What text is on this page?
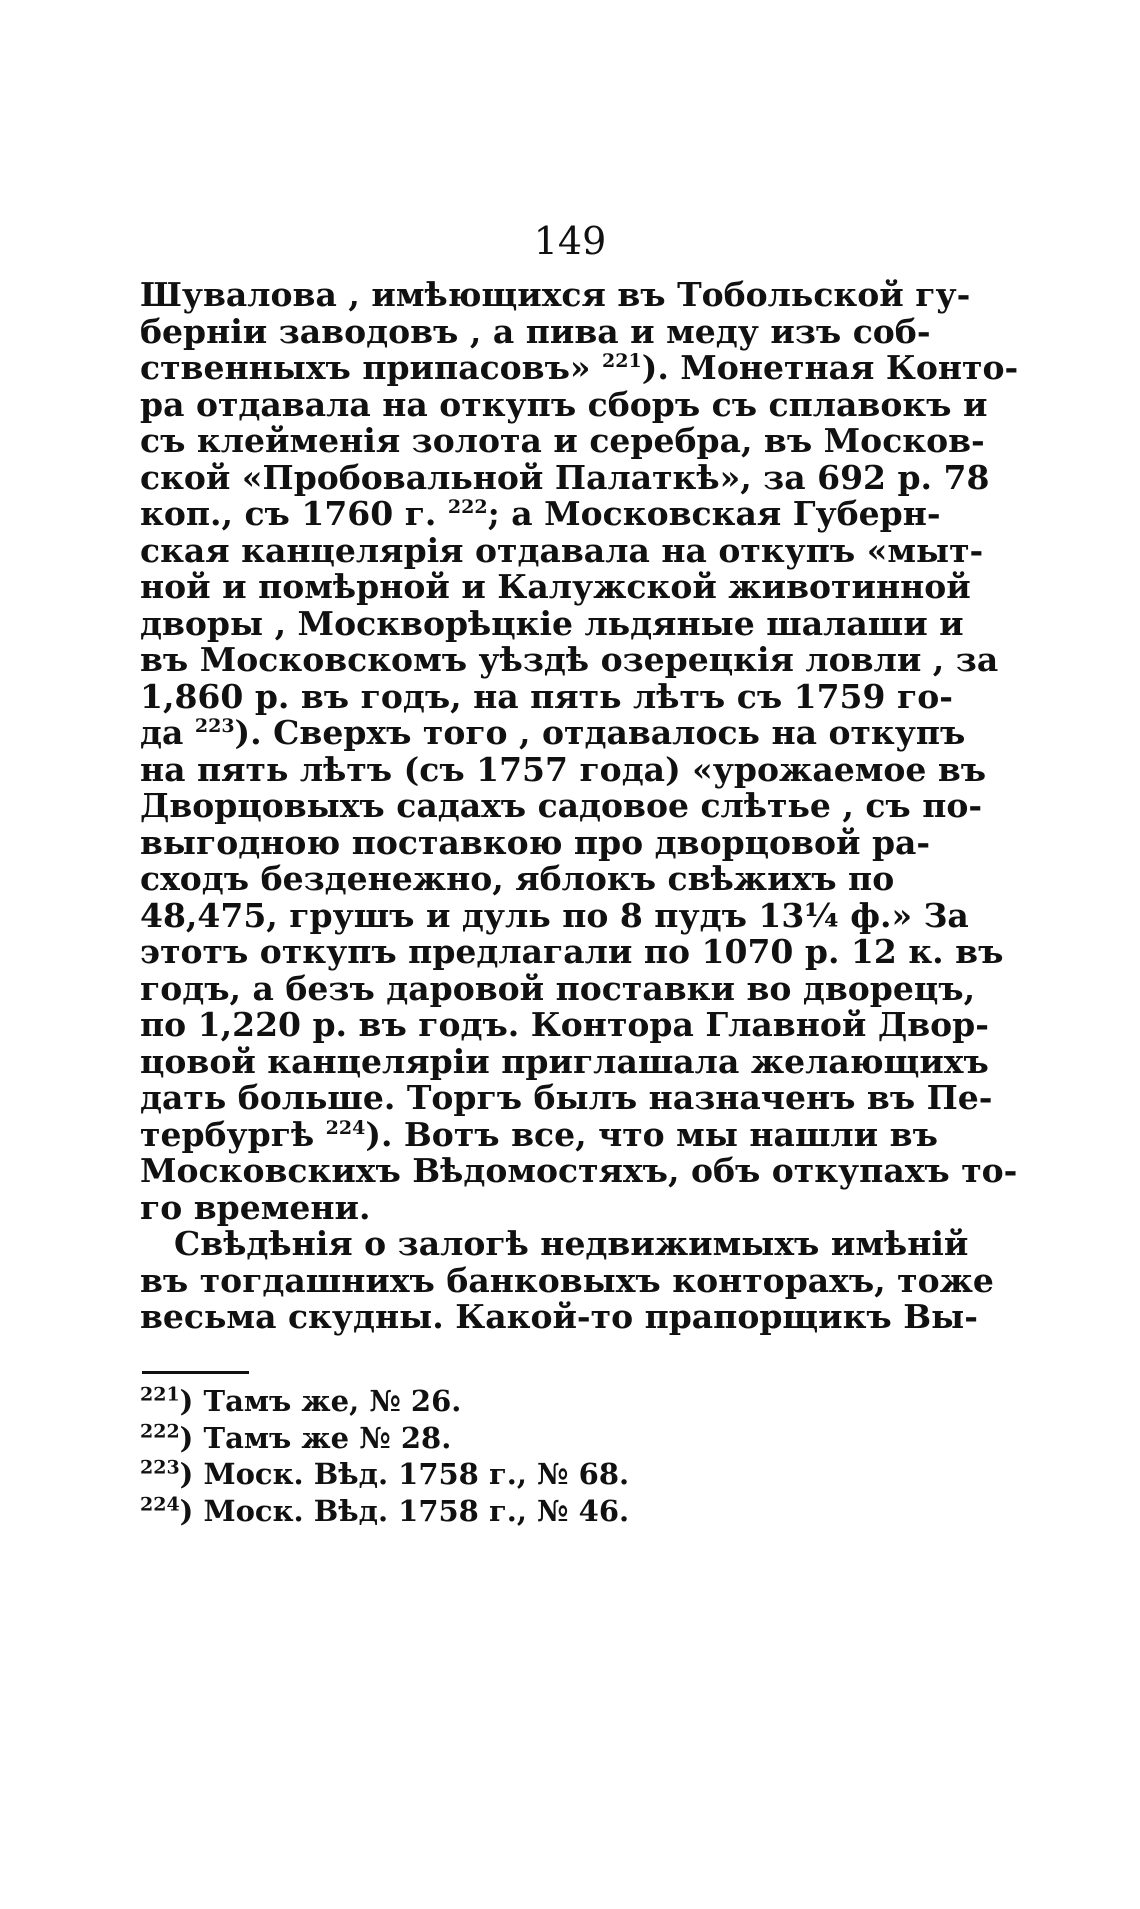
149
Шувалова , имѣющихся въ Тобольской гу-
берніи заводовъ , а пива и меду изъ соб-
ственныхъ припасовъ» $^{221}$). Монетная Конто-
ра отдавала на откупъ сборъ съ сплавокъ и
съ клейменія золота и серебра, въ Москов-
ской «Пробовальной Палаткѣ», за 692 р. 78
коп., съ 1760 г. $^{222}$; а Московская Губерн-
ская канцелярія отдавала на откупъ «мыт-
ной и помѣрной и Калужской животинной
дворы , Москворѣцкіе льдяные шалаши и
въ Московскомъ уѣздѣ озерецкія ловли , за
1,860 р. въ годъ, на пять лѣтъ съ 1759 го-
да $^{223}$). Сверхъ того , отдавалось на откупъ
на пять лѣтъ (съ 1757 года) «урожаемое въ
Дворцовыхъ садахъ садовое слѣтье , съ по-
выгодною поставкою про дворцовой ра-
сходъ безденежно, яблокъ свѣжихъ по
48,475, грушъ и дуль по 8 пудъ 13¼ ф.» За
этотъ откупъ предлагали по 1070 р. 12 к. въ
годъ, а безъ даровой поставки во дворецъ,
по 1,220 р. въ годъ. Контора Главной Двор-
цовой канцеляріи приглашала желающихъ
дать больше. Торгъ былъ назначенъ въ Пе-
тербургѣ $^{224}$). Вотъ все, что мы нашли въ
Московскихъ Вѣдомостяхъ, объ откупахъ то-
го времени.
Свѣдѣнія о залогѣ недвижимыхъ имѣній
въ тогдашнихъ банковыхъ конторахъ, тоже
весьма скудны. Какой-то прапорщикъ Вы-
$^{221}$) Тамъ же, № 26.
$^{222}$) Тамъ же № 28.
$^{223}$) Моск. Вѣд. 1758 г., № 68.
$^{224}$) Моск. Вѣд. 1758 г., № 46.
